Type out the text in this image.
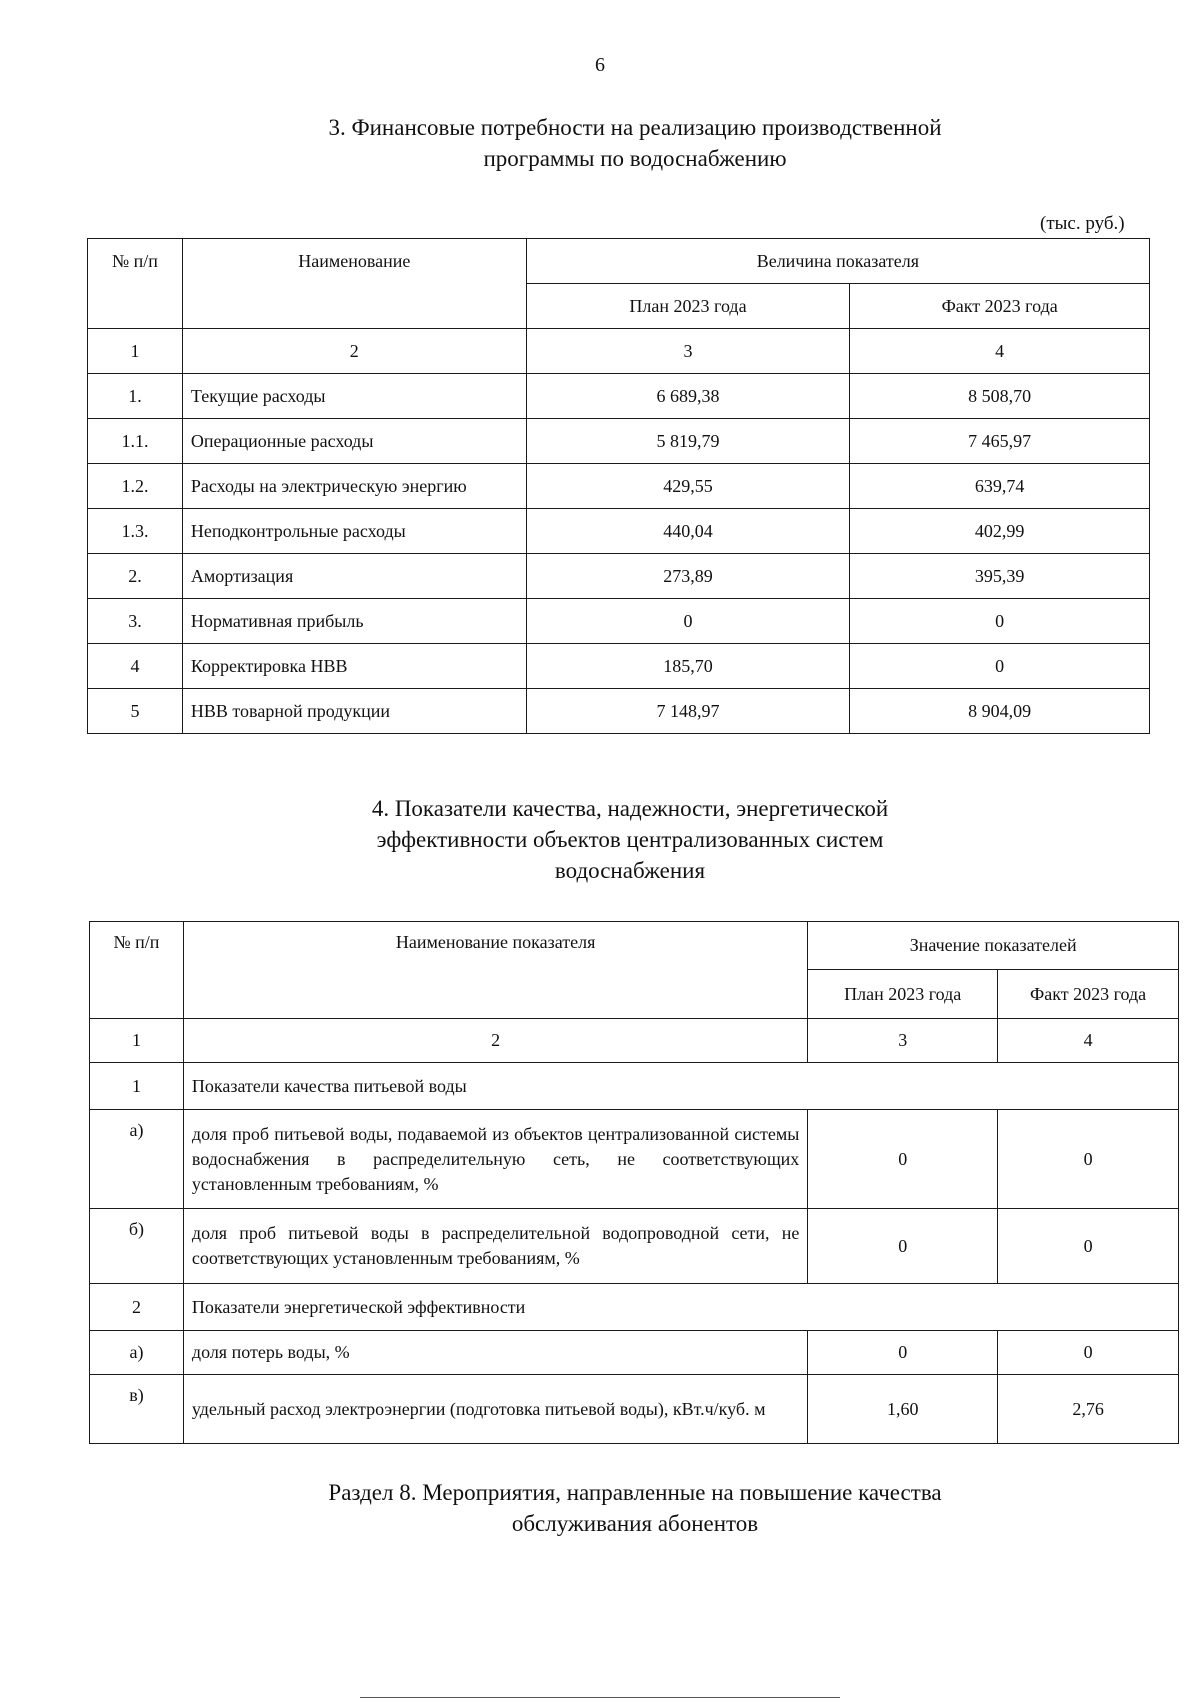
6
3. Финансовые потребности на реализацию производственной
программы по водоснабжению
(тыс. руб.)
№ п/п	Наименование	Величина показателя	
		План 2023 года	Факт 2023 года
1	2	3	4
1.	Текущие расходы	6 689,38	8 508,70
1.1.	Операционные расходы	5 819,79	7 465,97
1.2.	Расходы на электрическую энергию	429,55	639,74
1.3.	Неподконтрольные расходы	440,04	402,99
2.	Амортизация	273,89	395,39
3.	Нормативная прибыль	0	0
4	Корректировка НВВ	185,70	0
5	НВВ товарной продукции	7 148,97	8 904,09
4. Показатели качества, надежности, энергетической
эффективности объектов централизованных систем
водоснабжения
№ п/п	Наименование показателя	Значение показателей	
		План 2023 года	Факт 2023 года
1	2	3	4
1	Показатели качества питьевой воды		
а)	доля проб питьевой воды, подаваемой из объектов централизованной системы водоснабжения в распределительную сеть, не соответствующих установленным требованиям, %	0	0
б)	доля проб питьевой воды в распределительной водопроводной сети, не соответствующих установленным требованиям, %	0	0
2	Показатели энергетической эффективности		
а)	доля потерь воды, %	0	0
в)	удельный расход электроэнергии (подготовка питьевой воды), кВт.ч/куб. м	1,60	2,76
Раздел 8. Мероприятия, направленные на повышение качества
обслуживания абонентов
